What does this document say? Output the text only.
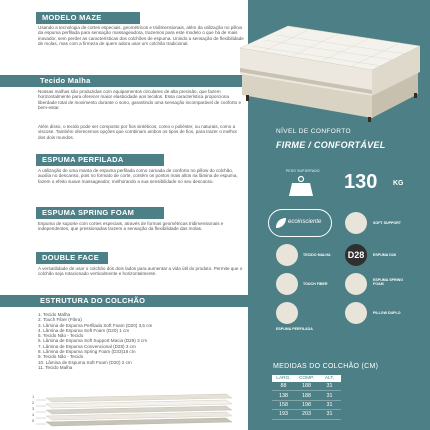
MODELO MAZE
Usando a tecnologia de cortes especiais, geométricos e tridimensionais, além da utilização no pillow da espuma perfilada para sensação massageadora, trazemos para este modelo o que há de mais inovador, sem perder as características dos colchões de espuma. Unindo a sensação de flexibilidade de molas, mas com a firmeza de quem adora usar um colchão tradicional.
Tecido Malha
Nossas malhas são produzidas com equipamentos circulares de alta precisão, que fazem horizontalmente para oferecer maior elasticidade aos tecidos. Essa característica proporciona liberdade total de movimento durante o sono, garantindo uma sensação incomparável de conforto e bem-estar.
Além disso, o tecido pode ser composto por fios sintéticos, como o poliéster, ou naturais, como a viscose. Também oferecemos opções que combinam ambos os tipos de fios, para trazer o melhor dos dois mundos.
ESPUMA PERFILADA
A utilização de uma manta de espuma perfilada como camada de conforto no pillow do colchão, auxilia no descanso, pois no formato de corte, contém os pontos mais altos na lâmina de espuma, fazem o efeito suave massageador, melhorando a sua sensibilidade no seu descanso.
ESPUMA SPRING FOAM
Espuma de suporte com cortes especiais, através de formas geométricas tridimensionais e independentes, que pressionadas trazem a sensação da flexibilidade das molas.
DOUBLE FACE
A versatilidade de usar o colchão dos dois lados para aumentar a vida útil do produto. Permite que o colchão seja rotacionado verticalmente e horizontalmente.
ESTRUTURA DO COLCHÃO
1. Tecido Malha
2. Touch Fiber (Fibra)
3. Lâmina de Espuma Perfilada Soft Foam (D20) 3,5 cm
4. Lâmina de Espuma Soft Foam (D20) 1 cm
5. Tecido Não - Tecido
6. Lâmina de Espuma Soft Support Macia (D29) 3 cm
7. Lâmina de Espuma Convencional (D28) 3 cm
8. Lâmina de Espuma Spring Foam (D33)18 cm
9. Tecido Não - Tecido
10. Lâmina de Espuma Soft Foam (D20) 2 cm
11. Tecido Malha
1
2
3
4
5
NÍVEL DE CONFORTO
FIRME / CONFORTÁVEL
PESO SUPORTADO 130 KG
ecoinsciente	SOFT SUPPORT
TECIDO MALHA	D28	ESPUMA D28
TOUCH FIBER
ESPUMA SPRING FOAM
ESPUMA PERFILADA
PILLOW DUPLO
MEDIDAS DO COLCHÃO (CM)
LARG.	COMP.	ALT.
88	188	31
138	188	31
158	198	31
193	203	31
